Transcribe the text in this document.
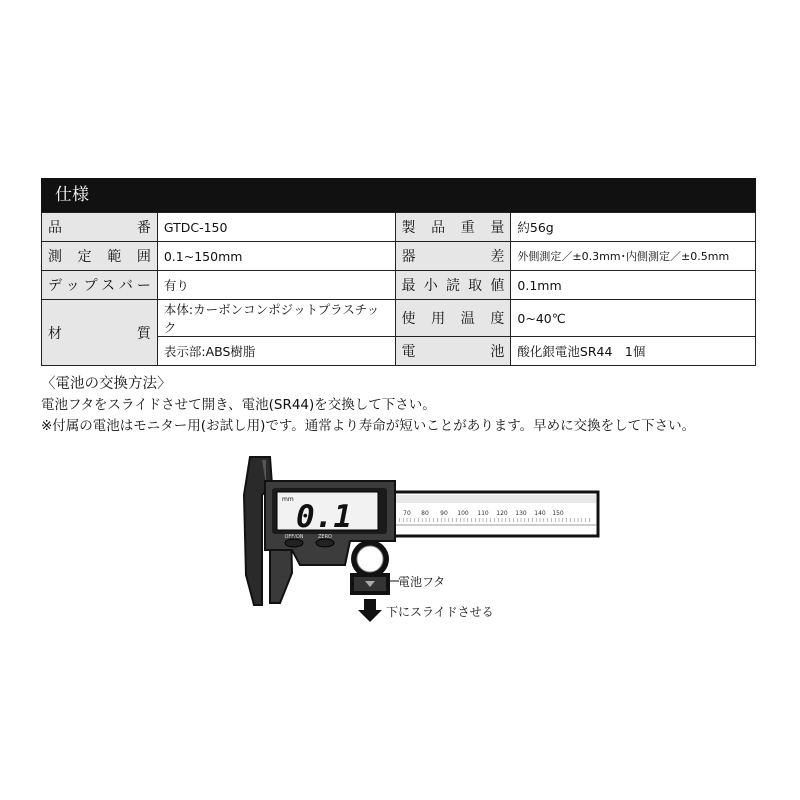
仕様
品　　番	GTDC-150	製品重量	約56g
測定範囲	0.1~150mm	器　　差	外側測定／±0.3mm･内側測定／±0.5mm
デップスバー	有り	最小読取値	0.1mm
材　　質	本体:カーボンコンポジットプラスチック	使用温度	0~40℃
	表示部:ABS樹脂	電　　池	酸化銀電池SR44　1個
〈電池の交換方法〉
電池フタをスライドさせて開き、電池(SR44)を交換して下さい。
※付属の電池はモニター用(お試し用)です。通常より寿命が短いことがあります。早めに交換をして下さい。
70 80 90 100 110 120 130 140 150
mm 0.1
OFF/ON	ZERO
電池フタ
下にスライドさせる
